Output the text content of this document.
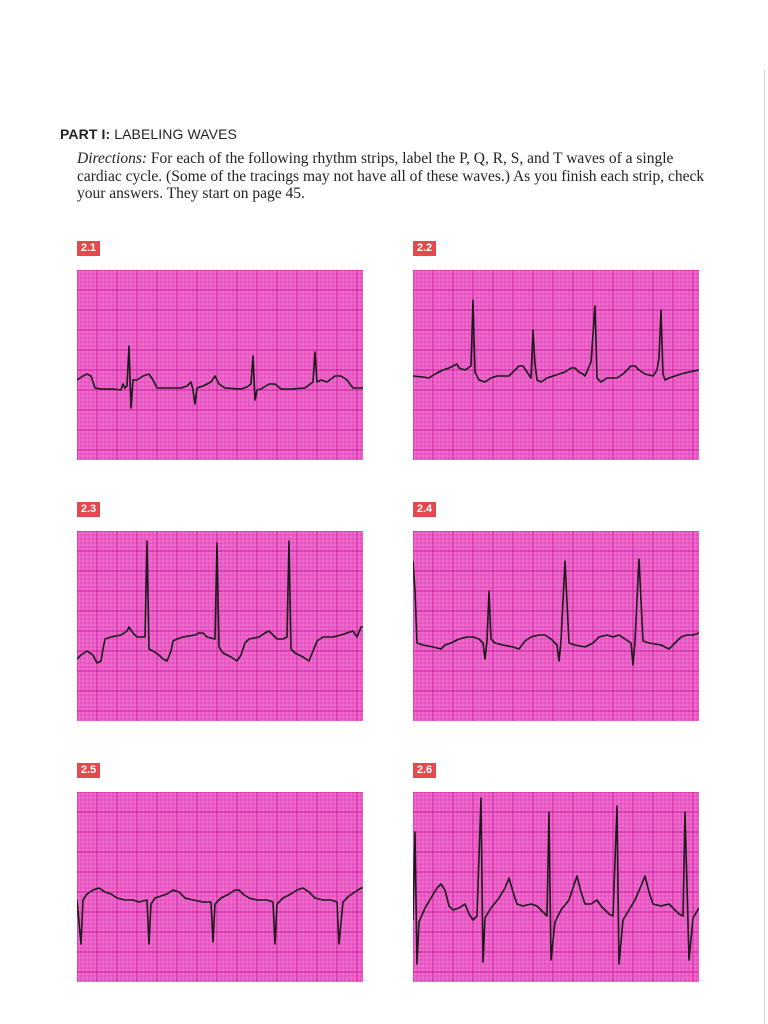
PART I: LABELING WAVES
Directions: For each of the following rhythm strips, label the P, Q, R, S, and T waves of a single cardiac cycle. (Some of the tracings may not have all of these waves.) As you finish each strip, check your answers. They start on page 45.
2.1	2.2
2.3	2.4
2.5	2.6
